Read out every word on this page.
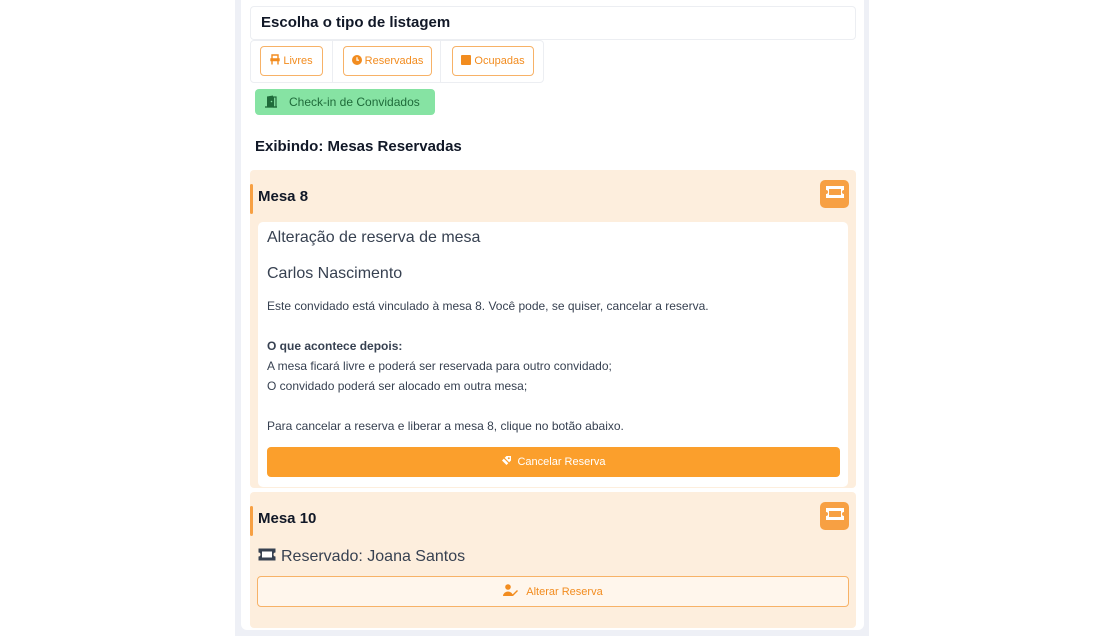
Escolha o tipo de listagem
Livres	Reservadas	Ocupadas
Check-in de Convidados
Exibindo: Mesas Reservadas
Mesa 8
Alteração de reserva de mesa
Carlos Nascimento
Este convidado está vinculado à mesa 8. Você pode, se quiser, cancelar a reserva.
O que acontece depois:
A mesa ficará livre e poderá ser reservada para outro convidado;
O convidado poderá ser alocado em outra mesa;
Para cancelar a reserva e liberar a mesa 8, clique no botão abaixo.
Cancelar Reserva
Mesa 10
Reservado: Joana Santos
Alterar Reserva
